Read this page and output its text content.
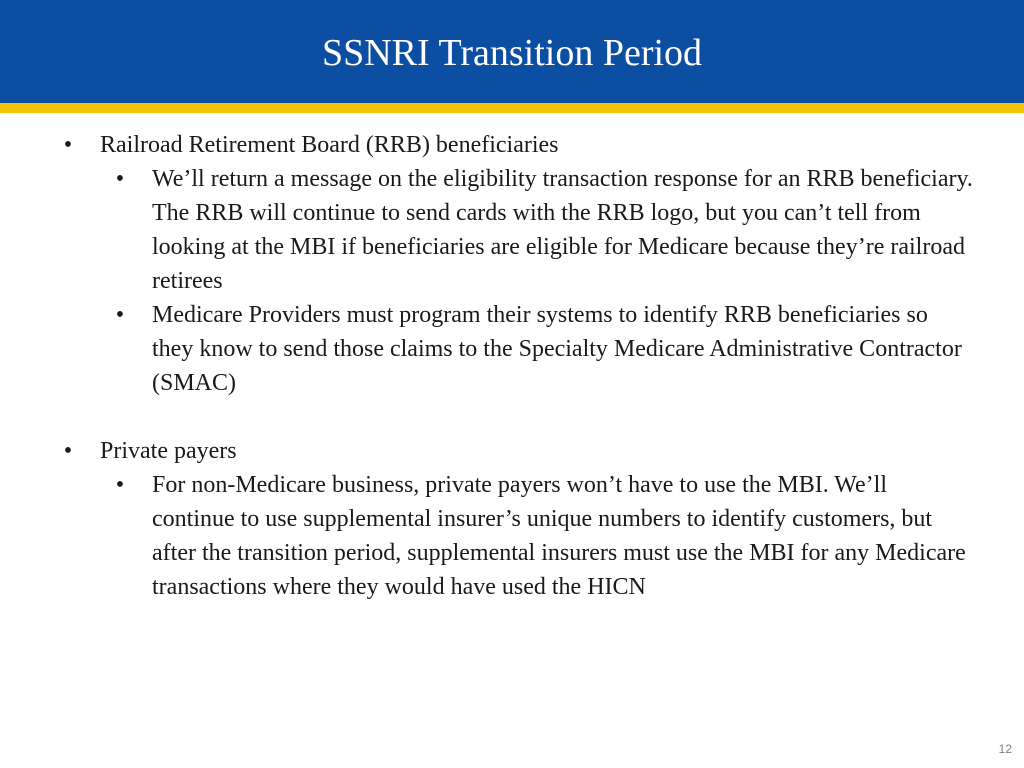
SSNRI Transition Period
• Railroad Retirement Board (RRB) beneficiaries
• We’ll return a message on the eligibility transaction response for an RRB beneficiary. The RRB will continue to send cards with the RRB logo, but you can’t tell from looking at the MBI if beneficiaries are eligible for Medicare because they’re railroad retirees
• Medicare Providers must program their systems to identify RRB beneficiaries so they know to send those claims to the Specialty Medicare Administrative Contractor (SMAC)
• Private payers
• For non-Medicare business, private payers won’t have to use the MBI. We’ll continue to use supplemental insurer’s unique numbers to identify customers, but after the transition period, supplemental insurers must use the MBI for any Medicare transactions where they would have used the HICN
12
